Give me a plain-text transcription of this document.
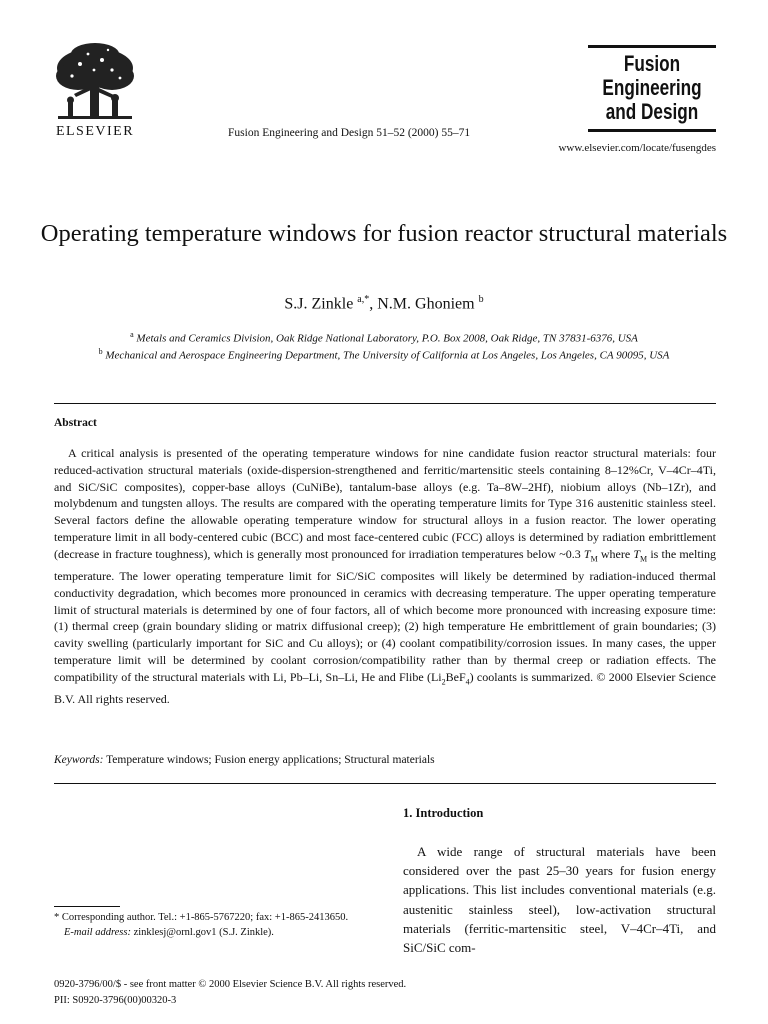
ELSEVIER	Fusion Engineering and Design 51–52 (2000) 55–71
Fusion
Engineering
and Design
www.elsevier.com/locate/fusengdes
Operating temperature windows for fusion reactor structural materials
S.J. Zinkle $^{a,*}$, N.M. Ghoniem $^b$
$^a$ Metals and Ceramics Division, Oak Ridge National Laboratory, P.O. Box 2008, Oak Ridge, TN 37831-6376, USA
$^b$ Mechanical and Aerospace Engineering Department, The University of California at Los Angeles, Los Angeles, CA 90095, USA
Abstract
A critical analysis is presented of the operating temperature windows for nine candidate fusion reactor structural materials: four reduced-activation structural materials (oxide-dispersion-strengthened and ferritic/martensitic steels containing 8–12%Cr, V–4Cr–4Ti, and SiC/SiC composites), copper-base alloys (CuNiBe), tantalum-base alloys (e.g. Ta–8W–2Hf), niobium alloys (Nb–1Zr), and molybdenum and tungsten alloys. The results are compared with the operating temperature limits for Type 316 austenitic stainless steel. Several factors define the allowable operating temperature window for structural alloys in a fusion reactor. The lower operating temperature limit in all body-centered cubic (BCC) and most face-centered cubic (FCC) alloys is determined by radiation embrittlement (decrease in fracture toughness), which is generally most pronounced for irradiation temperatures below ~0.3 $T_M$ where $T_M$ is the melting temperature. The lower operating temperature limit for SiC/SiC composites will likely be determined by radiation-induced thermal conductivity degradation, which becomes more pronounced in ceramics with decreasing temperature. The upper operating temperature limit of structural materials is determined by one of four factors, all of which become more pronounced with increasing exposure time: (1) thermal creep (grain boundary sliding or matrix diffusional creep); (2) high temperature He embrittlement of grain boundaries; (3) cavity swelling (particularly important for SiC and Cu alloys); or (4) coolant compatibility/corrosion issues. In many cases, the upper temperature limit will be determined by coolant corrosion/compatibility rather than by thermal creep or radiation effects. The compatibility of the structural materials with Li, Pb–Li, Sn–Li, He and Flibe $(Li_2BeF_4)$ coolants is summarized. © 2000 Elsevier Science B.V. All rights reserved.
Keywords: Temperature windows; Fusion energy applications; Structural materials
1. Introduction
A wide range of structural materials have been considered over the past 25–30 years for fusion energy applications. This list includes conventional materials (e.g. austenitic stainless steel), low-activation structural materials (ferritic-martensitic steel, V–4Cr–4Ti, and SiC/SiC com-
* Corresponding author. Tel.: +1-865-5767220; fax: +1-865-2413650.
E-mail address: zinklesj@ornl.gov1 (S.J. Zinkle).
0920-3796/00/$ - see front matter © 2000 Elsevier Science B.V. All rights reserved.
PII: S0920-3796(00)00320-3
